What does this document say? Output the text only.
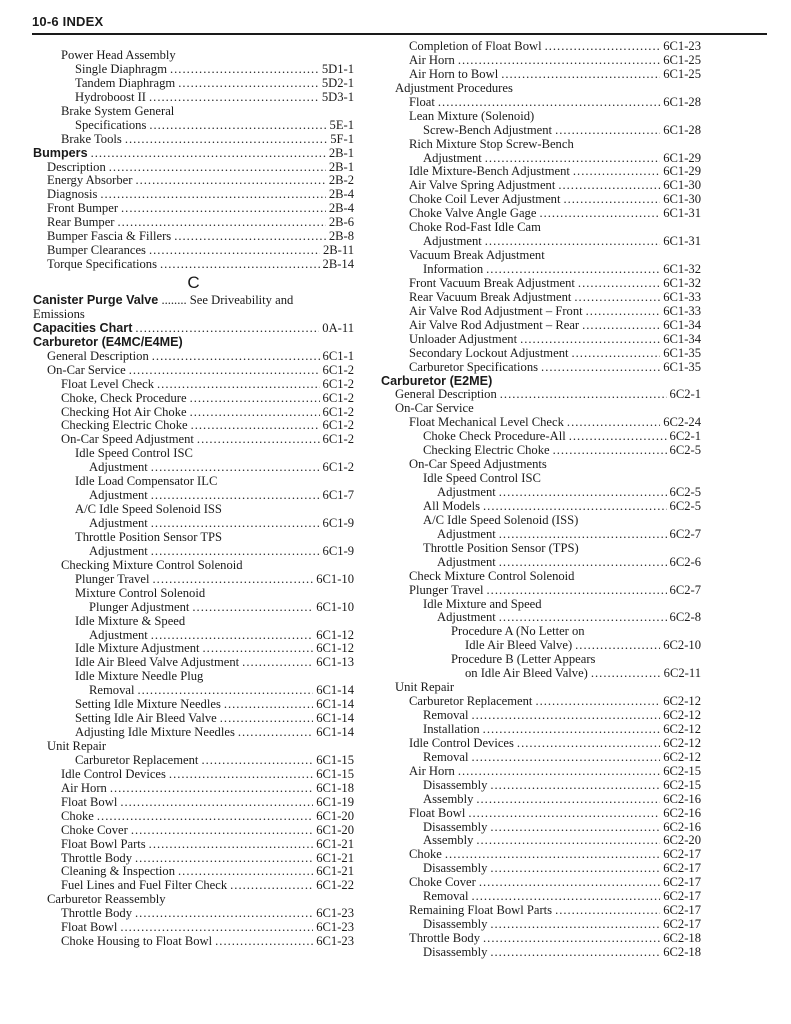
10-6 INDEX
Power Head Assembly
Single Diaphragm .....	5D1-1
Tandem Diaphragm .....	5D2-1
Hydroboost II .....	5D3-1
Brake System General
Specifications .....	5E-1
Brake Tools .....	5F-1
Bumpers .....	2B-1
Description .....	2B-1
Energy Absorber .....	2B-2
Diagnosis .....	2B-4
Front Bumper .....	2B-4
Rear Bumper .....	2B-6
Bumper Fascia & Fillers .....	2B-8
Bumper Clearances .....	2B-11
Torque Specifications .....	2B-14
C
Canister Purge Valve ........ See Driveability and
Emissions
Capacities Chart .....	0A-11
Carburetor (E4MC/E4ME)
General Description .....	6C1-1
On-Car Service .....	6C1-2
Float Level Check .....	6C1-2
Choke, Check Procedure .....	6C1-2
Checking Hot Air Choke .....	6C1-2
Checking Electric Choke .....	6C1-2
On-Car Speed Adjustment .....	6C1-2
Idle Speed Control ISC
Adjustment .....	6C1-2
Idle Load Compensator ILC
Adjustment .....	6C1-7
A/C Idle Speed Solenoid ISS
Adjustment .....	6C1-9
Throttle Position Sensor TPS
Adjustment .....	6C1-9
Checking Mixture Control Solenoid
Plunger Travel .....	6C1-10
Mixture Control Solenoid
Plunger Adjustment .....	6C1-10
Idle Mixture & Speed
Adjustment .....	6C1-12
Idle Mixture Adjustment .....	6C1-12
Idle Air Bleed Valve Adjustment .....	6C1-13
Idle Mixture Needle Plug
Removal .....	6C1-14
Setting Idle Mixture Needles .....	6C1-14
Setting Idle Air Bleed Valve .....	6C1-14
Adjusting Idle Mixture Needles .....	6C1-14
Unit Repair
Carburetor Replacement .....	6C1-15
Idle Control Devices .....	6C1-15
Air Horn .....	6C1-18
Float Bowl .....	6C1-19
Choke .....	6C1-20
Choke Cover .....	6C1-20
Float Bowl Parts .....	6C1-21
Throttle Body .....	6C1-21
Cleaning & Inspection .....	6C1-21
Fuel Lines and Fuel Filter Check .....	6C1-22
Carburetor Reassembly
Throttle Body .....	6C1-23
Float Bowl .....	6C1-23
Choke Housing to Float Bowl .....	6C1-23
Completion of Float Bowl .....	6C1-23
Air Horn .....	6C1-25
Air Horn to Bowl .....	6C1-25
Adjustment Procedures
Float .....	6C1-28
Lean Mixture (Solenoid)
Screw-Bench Adjustment .....	6C1-28
Rich Mixture Stop Screw-Bench
Adjustment .....	6C1-29
Idle Mixture-Bench Adjustment .....	6C1-29
Air Valve Spring Adjustment .....	6C1-30
Choke Coil Lever Adjustment .....	6C1-30
Choke Valve Angle Gage .....	6C1-31
Choke Rod-Fast Idle Cam
Adjustment .....	6C1-31
Vacuum Break Adjustment
Information .....	6C1-32
Front Vacuum Break Adjustment .....	6C1-32
Rear Vacuum Break Adjustment .....	6C1-33
Air Valve Rod Adjustment – Front .....	6C1-33
Air Valve Rod Adjustment – Rear .....	6C1-34
Unloader Adjustment .....	6C1-34
Secondary Lockout Adjustment .....	6C1-35
Carburetor Specifications .....	6C1-35
Carburetor (E2ME)
General Description .....	6C2-1
On-Car Service
Float Mechanical Level Check .....	6C2-24
Choke Check Procedure-All .....	6C2-1
Checking Electric Choke .....	6C2-5
On-Car Speed Adjustments
Idle Speed Control ISC
Adjustment .....	6C2-5
All Models .....	6C2-5
A/C Idle Speed Solenoid (ISS)
Adjustment .....	6C2-7
Throttle Position Sensor (TPS)
Adjustment .....	6C2-6
Check Mixture Control Solenoid
Plunger Travel .....	6C2-7
Idle Mixture and Speed
Adjustment .....	6C2-8
Procedure A (No Letter on
Idle Air Bleed Valve) .....	6C2-10
Procedure B (Letter Appears
on Idle Air Bleed Valve) .....	6C2-11
Unit Repair
Carburetor Replacement .....	6C2-12
Removal .....	6C2-12
Installation .....	6C2-12
Idle Control Devices .....	6C2-12
Removal .....	6C2-12
Air Horn .....	6C2-15
Disassembly .....	6C2-15
Assembly .....	6C2-16
Float Bowl .....	6C2-16
Disassembly .....	6C2-16
Assembly .....	6C2-20
Choke .....	6C2-17
Disassembly .....	6C2-17
Choke Cover .....	6C2-17
Removal .....	6C2-17
Remaining Float Bowl Parts .....	6C2-17
Disassembly .....	6C2-17
Throttle Body .....	6C2-18
Disassembly .....	6C2-18
